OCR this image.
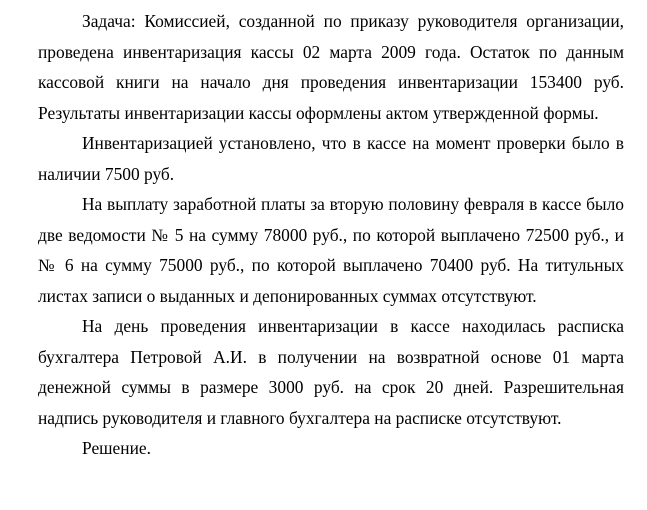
Задача: Комиссией, созданной по приказу руководителя организации, проведена инвентаризация кассы 02 марта 2009 года. Остаток по данным кассовой книги на начало дня проведения инвентаризации 153400 руб. Результаты инвентаризации кассы оформлены актом утвержденной формы.

Инвентаризацией установлено, что в кассе на момент проверки было в наличии 7500 руб.

На выплату заработной платы за вторую половину февраля в кассе было две ведомости № 5 на сумму 78000 руб., по которой выплачено 72500 руб., и № 6 на сумму 75000 руб., по которой выплачено 70400 руб. На титульных листах записи о выданных и депонированных суммах отсутствуют.

На день проведения инвентаризации в кассе находилась расписка бухгалтера Петровой А.И. в получении на возвратной основе 01 марта денежной суммы в размере 3000 руб. на срок 20 дней. Разрешительная надпись руководителя и главного бухгалтера на расписке отсутствуют.

Решение.
